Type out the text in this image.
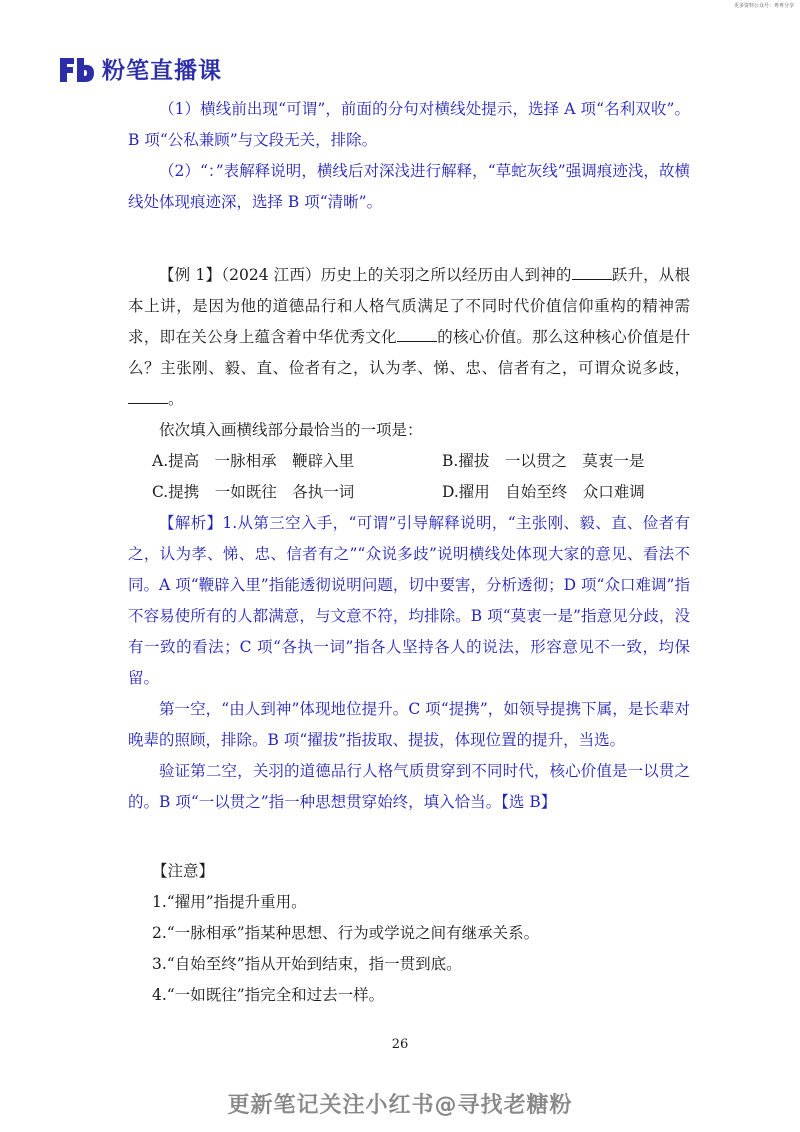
更多资料公众号：粤粤分享
粉笔直播课

（1）横线前出现“可谓”，前面的分句对横线处提示，选择 A 项“名利双收”。B 项“公私兼顾”与文段无关，排除。

（2）“：”表解释说明，横线后对深浅进行解释，“草蛇灰线”强调痕迹浅，故横线处体现痕迹深，选择 B 项“清晰”。

【例 1】（2024 江西）历史上的关羽之所以经历由人到神的	跃升，从根本上讲，是因为他的道德品行和人格气质满足了不同时代价值信仰重构的精神需求，即在关公身上蕴含着中华优秀文化	的核心价值。那么这种核心价值是什么？主张刚、毅、直、俭者有之，认为孝、悌、忠、信者有之，可谓众说多歧，。

依次填入画横线部分最恰当的一项是：

A.提高　一脉相承　鞭辟入里	B.擢拔　一以贯之　莫衷一是
C.提携　一如既往　各执一词	D.擢用　自始至终　众口难调

【解析】1.从第三空入手，“可谓”引导解释说明，“主张刚、毅、直、俭者有之，认为孝、悌、忠、信者有之”“众说多歧”说明横线处体现大家的意见、看法不同。A 项“鞭辟入里”指能透彻说明问题，切中要害，分析透彻；D 项“众口难调”指不容易使所有的人都满意，与文意不符，均排除。B 项“莫衷一是”指意见分歧，没有一致的看法；C 项“各执一词”指各人坚持各人的说法，形容意见不一致，均保留。

第一空，“由人到神”体现地位提升。C 项“提携”，如领导提携下属，是长辈对晚辈的照顾，排除。B 项“擢拔”指拔取、提拔，体现位置的提升，当选。

验证第二空，关羽的道德品行人格气质贯穿到不同时代，核心价值是一以贯之的。B 项“一以贯之”指一种思想贯穿始终，填入恰当。【选 B】

【注意】
1.“擢用”指提升重用。
2.“一脉相承”指某种思想、行为或学说之间有继承关系。
3.“自始至终”指从开始到结束，指一贯到底。
4.“一如既往”指完全和过去一样。
26
更新笔记关注小红书@寻找老糖粉
